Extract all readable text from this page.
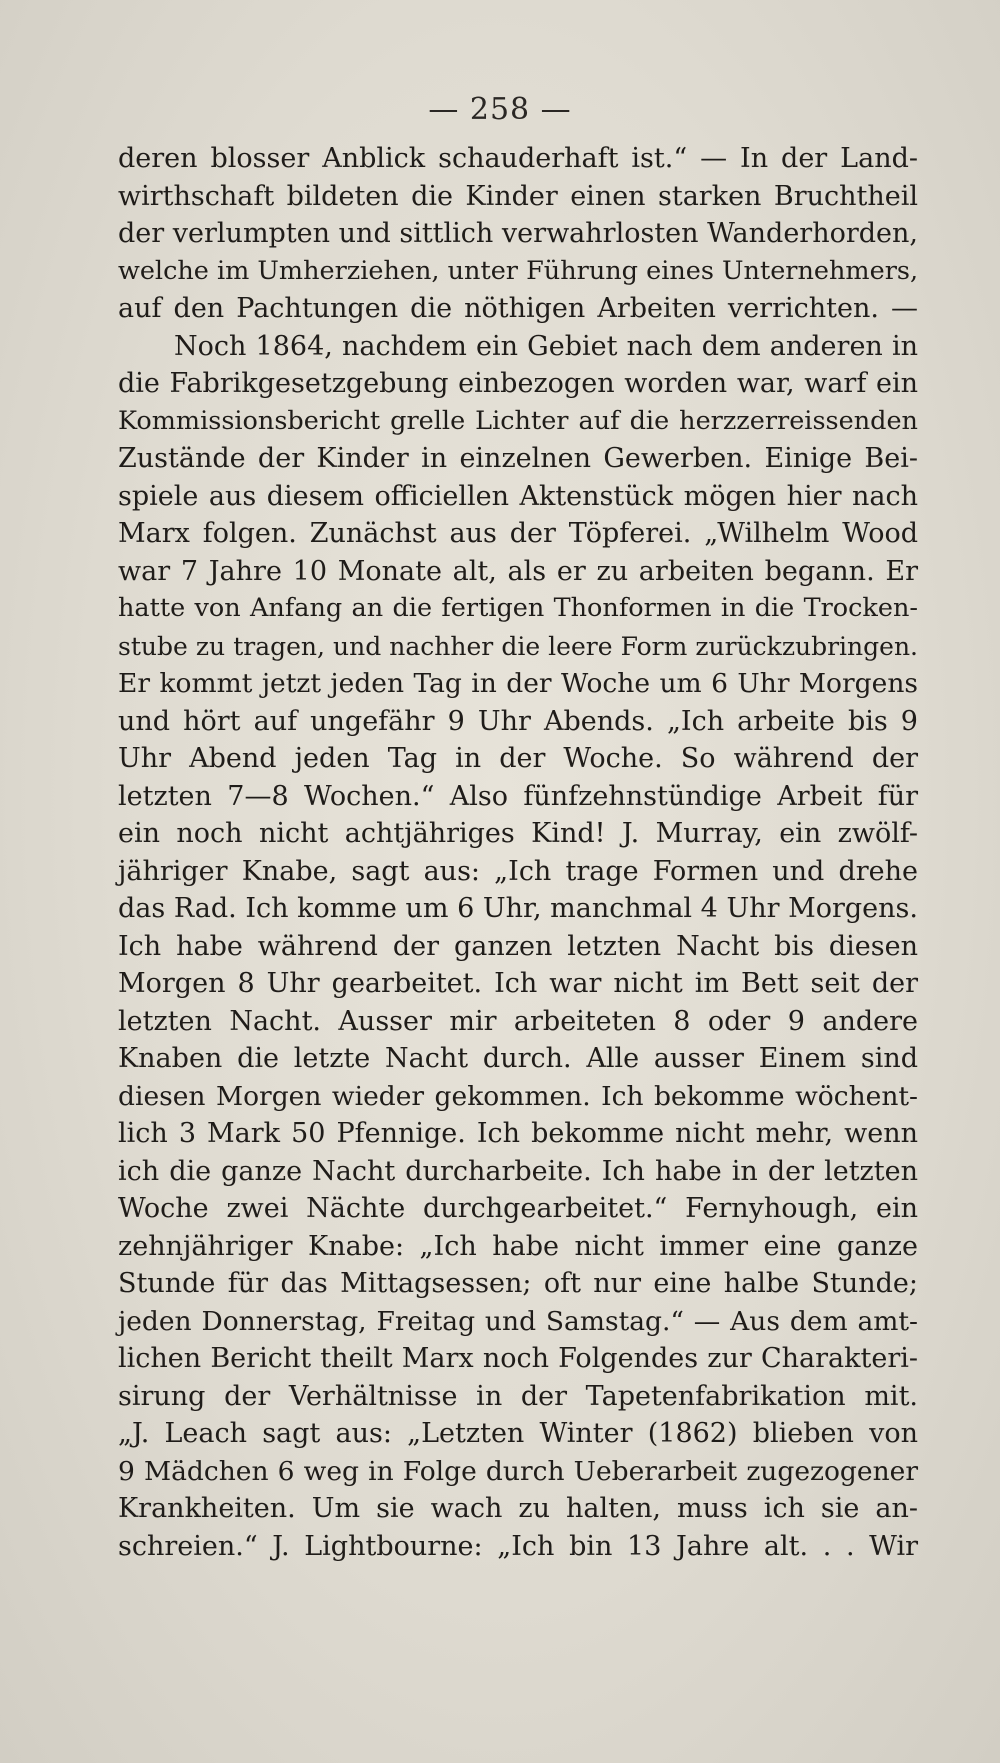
— 258 —
deren blosser Anblick schauderhaft ist.“ — In der Land-
wirthschaft bildeten die Kinder einen starken Bruchtheil
der verlumpten und sittlich verwahrlosten Wanderhorden,
welche im Umherziehen, unter Führung eines Unternehmers,
auf den Pachtungen die nöthigen Arbeiten verrichten. —
Noch 1864, nachdem ein Gebiet nach dem anderen in
die Fabrikgesetzgebung einbezogen worden war, warf ein
Kommissionsbericht grelle Lichter auf die herzzerreissenden
Zustände der Kinder in einzelnen Gewerben. Einige Bei-
spiele aus diesem officiellen Aktenstück mögen hier nach
Marx folgen. Zunächst aus der Töpferei. „Wilhelm Wood
war 7 Jahre 10 Monate alt, als er zu arbeiten begann. Er
hatte von Anfang an die fertigen Thonformen in die Trocken-
stube zu tragen, und nachher die leere Form zurückzubringen.
Er kommt jetzt jeden Tag in der Woche um 6 Uhr Morgens
und hört auf ungefähr 9 Uhr Abends. „Ich arbeite bis 9
Uhr Abend jeden Tag in der Woche. So während der
letzten 7—8 Wochen.“ Also fünfzehnstündige Arbeit für
ein noch nicht achtjähriges Kind! J. Murray, ein zwölf-
jähriger Knabe, sagt aus: „Ich trage Formen und drehe
das Rad. Ich komme um 6 Uhr, manchmal 4 Uhr Morgens.
Ich habe während der ganzen letzten Nacht bis diesen
Morgen 8 Uhr gearbeitet. Ich war nicht im Bett seit der
letzten Nacht. Ausser mir arbeiteten 8 oder 9 andere
Knaben die letzte Nacht durch. Alle ausser Einem sind
diesen Morgen wieder gekommen. Ich bekomme wöchent-
lich 3 Mark 50 Pfennige. Ich bekomme nicht mehr, wenn
ich die ganze Nacht durcharbeite. Ich habe in der letzten
Woche zwei Nächte durchgearbeitet.“ Fernyhough, ein
zehnjähriger Knabe: „Ich habe nicht immer eine ganze
Stunde für das Mittagsessen; oft nur eine halbe Stunde;
jeden Donnerstag, Freitag und Samstag.“ — Aus dem amt-
lichen Bericht theilt Marx noch Folgendes zur Charakteri-
sirung der Verhältnisse in der Tapetenfabrikation mit.
„J. Leach sagt aus: „Letzten Winter (1862) blieben von
9 Mädchen 6 weg in Folge durch Ueberarbeit zugezogener
Krankheiten. Um sie wach zu halten, muss ich sie an-
schreien.“ J. Lightbourne: „Ich bin 13 Jahre alt. . . Wir
